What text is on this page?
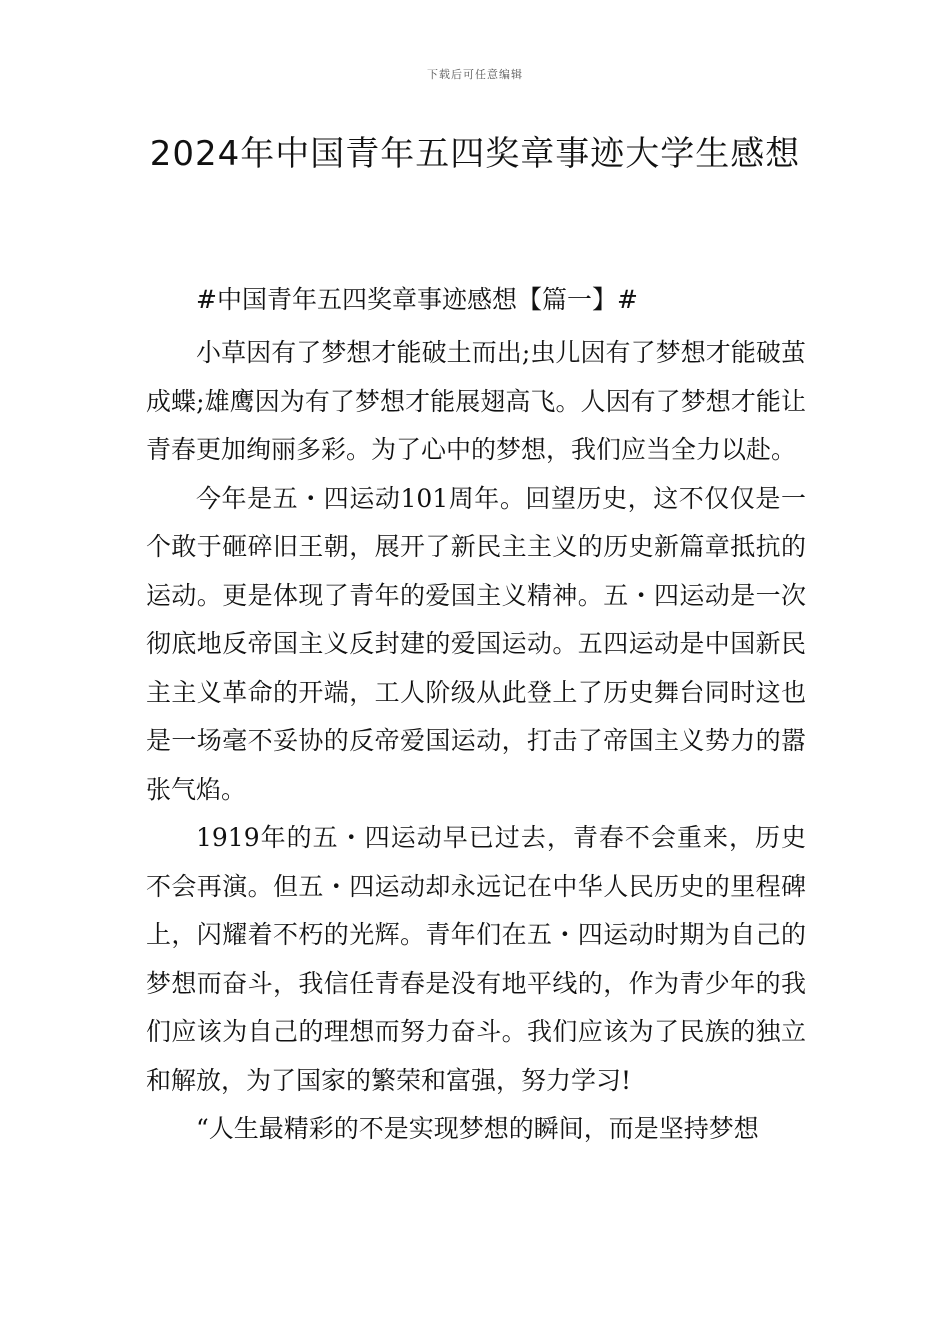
下载后可任意编辑
2024年中国青年五四奖章事迹大学生感想

#中国青年五四奖章事迹感想【篇一】#

小草因有了梦想才能破土而出;虫儿因有了梦想才能破茧成蝶;雄鹰因为有了梦想才能展翅高飞。人因有了梦想才能让青春更加绚丽多彩。为了心中的梦想，我们应当全力以赴。

今年是五・四运动101周年。回望历史，这不仅仅是一个敢于砸碎旧王朝，展开了新民主主义的历史新篇章抵抗的运动。更是体现了青年的爱国主义精神。五・四运动是一次彻底地反帝国主义反封建的爱国运动。五四运动是中国新民主主义革命的开端，工人阶级从此登上了历史舞台同时这也是一场毫不妥协的反帝爱国运动，打击了帝国主义势力的嚣张气焰。

1919年的五・四运动早已过去，青春不会重来，历史不会再演。但五・四运动却永远记在中华人民历史的里程碑上，闪耀着不朽的光辉。青年们在五・四运动时期为自己的梦想而奋斗，我信任青春是没有地平线的，作为青少年的我们应该为自己的理想而努力奋斗。我们应该为了民族的独立和解放，为了国家的繁荣和富强，努力学习!

“人生最精彩的不是实现梦想的瞬间，而是坚持梦想
